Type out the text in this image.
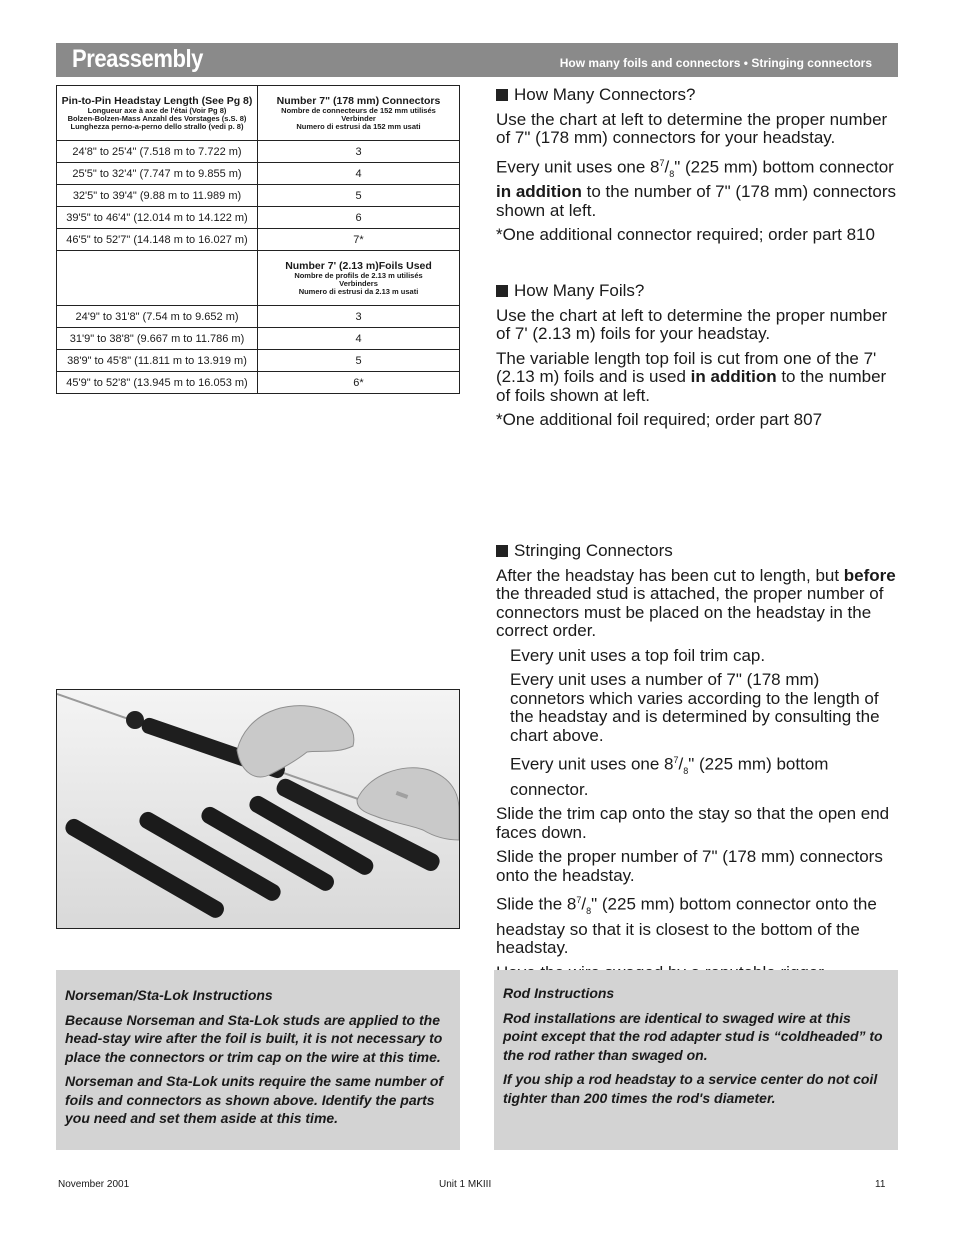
Preassembly	How many foils and connectors • Stringing connectors
Pin-to-Pin Headstay Length (See Pg 8)
Longueur axe à axe de l'étai (Voir Pg 8)
Bolzen-Bolzen-Mass Anzahl des Vorstages (s.S. 8)
Lunghezza perno-a-perno dello strallo (vedi p. 8)	Number 7" (178 mm) Connectors
Nombre de connecteurs de 152 mm utilisés
Verbinder
Numero di estrusi da 152 mm usati

24'8" to 25'4" (7.518 m to 7.722 m)	3
25'5" to 32'4" (7.747 m to 9.855 m)	4
32'5" to 39'4" (9.88 m to 11.989 m)	5
39'5" to 46'4" (12.014 m to 14.122 m)	6
46'5" to 52'7" (14.148 m to 16.027 m)	7*

	Number 7' (2.13 m)Foils Used
Nombre de profils de 2.13 m utilisés
Verbinders
Numero di estrusi da 2.13 m usati

24'9" to 31'8" (7.54 m to 9.652 m)	3
31'9" to 38'8" (9.667 m to 11.786 m)	4
38'9" to 45'8" (11.811 m to 13.919 m)	5
45'9" to 52'8" (13.945 m to 16.053 m)	6*

How Many Connectors?

Use the chart at left to determine the proper number of 7" (178 mm) connectors for your headstay.

Every unit uses one $8^7/_8$" (225 mm) bottom connector in addition to the number of 7" (178 mm) connectors shown at left.

*One additional connector required; order part 810

How Many Foils?

Use the chart at left to determine the proper number of 7' (2.13 m) foils for your headstay.

The variable length top foil is cut from one of the 7' (2.13 m) foils and is used in addition to the number of foils shown at left.

*One additional foil required; order part 807

Stringing Connectors

After the headstay has been cut to length, but before the threaded stud is attached, the proper number of connectors must be placed on the headstay in the correct order.

Every unit uses a top foil trim cap.

Every unit uses a number of 7" (178 mm) connetors which varies according to the length of the headstay and is determined by consulting the chart above.

Every unit uses one $8^7/_8$" (225 mm) bottom connector.

Slide the trim cap onto the stay so that the open end faces down.

Slide the proper number of 7" (178 mm) connectors onto the headstay.

Slide the $8^7/_8$" (225 mm) bottom connector onto the headstay so that it is closest to the bottom of the headstay.

Norseman/Sta-Lok Instructions

Because Norseman and Sta-Lok studs are applied to the head-stay wire after the foil is built, it is not necessary to place the connectors or trim cap on the wire at this time.

Norseman and Sta-Lok units require the same number of foils and connectors as shown above. Identify the parts you need and set them aside at this time.

Rod Instructions

Rod installations are identical to swaged wire at this point except that the rod adapter stud is “coldheaded” to the rod rather than swaged on.

If you ship a rod headstay to a service center do not coil tighter than 200 times the rod's diameter.

November 2001	Unit 1 MKIII	11
